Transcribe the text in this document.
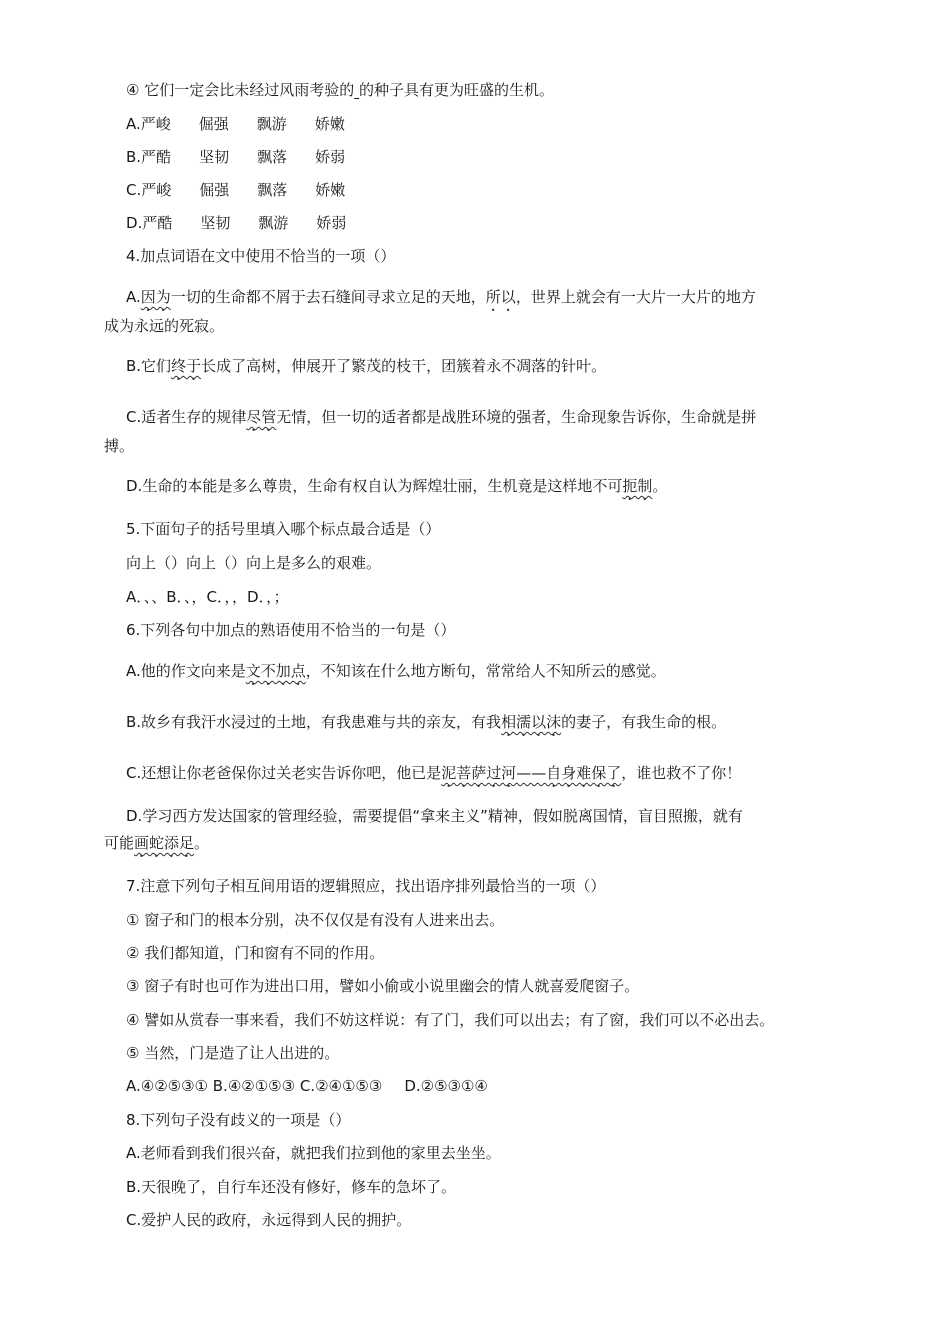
④ 它们一定会比未经过风雨考验的 的种子具有更为旺盛的生机。
A.严峻 倔强 飘游 娇嫩
B.严酷 坚韧 飘落 娇弱
C.严峻 倔强 飘落 娇嫩
D.严酷 坚韧 飘游 娇弱
4.加点词语在文中使用不恰当的一项（）
A.因为一切的生命都不屑于去石缝间寻求立足的天地，所以，世界上就会有一大片一大片的地方
成为永远的死寂。
B.它们终于长成了高树，伸展开了繁茂的枝干，团簇着永不凋落的针叶。
C.适者生存的规律尽管无情，但一切的适者都是战胜环境的强者，生命现象告诉你，生命就是拼
搏。
D.生命的本能是多么尊贵，生命有权自认为辉煌壮丽，生机竟是这样地不可扼制。
5.下面句子的括号里填入哪个标点最合适是（）
向上（）向上（）向上是多么的艰难。
A．、、B．、，C．，，D．，；
6.下列各句中加点的熟语使用不恰当的一句是（）
A.他的作文向来是文不加点，不知该在什么地方断句，常常给人不知所云的感觉。
B.故乡有我汗水浸过的土地，有我患难与共的亲友，有我相濡以沫的妻子，有我生命的根。
C.还想让你老爸保你过关老实告诉你吧，他已是泥菩萨过河——自身难保了，谁也救不了你！
D.学习西方发达国家的管理经验，需要提倡“拿来主义”精神，假如脱离国情，盲目照搬，就有
可能画蛇添足。
7.注意下列句子相互间用语的逻辑照应，找出语序排列最恰当的一项（）
① 窗子和门的根本分别，决不仅仅是有没有人进来出去。
② 我们都知道，门和窗有不同的作用。
③ 窗子有时也可作为进出口用，譬如小偷或小说里幽会的情人就喜爱爬窗子。
④ 譬如从赏春一事来看，我们不妨这样说：有了门，我们可以出去；有了窗，我们可以不必出去。
⑤ 当然，门是造了让人出进的。
A.④②⑤③① B.④②①⑤③ C.②④①⑤③ D.②⑤③①④
8.下列句子没有歧义的一项是（）
A.老师看到我们很兴奋，就把我们拉到他的家里去坐坐。
B.天很晚了，自行车还没有修好，修车的急坏了。
C.爱护人民的政府，永远得到人民的拥护。
